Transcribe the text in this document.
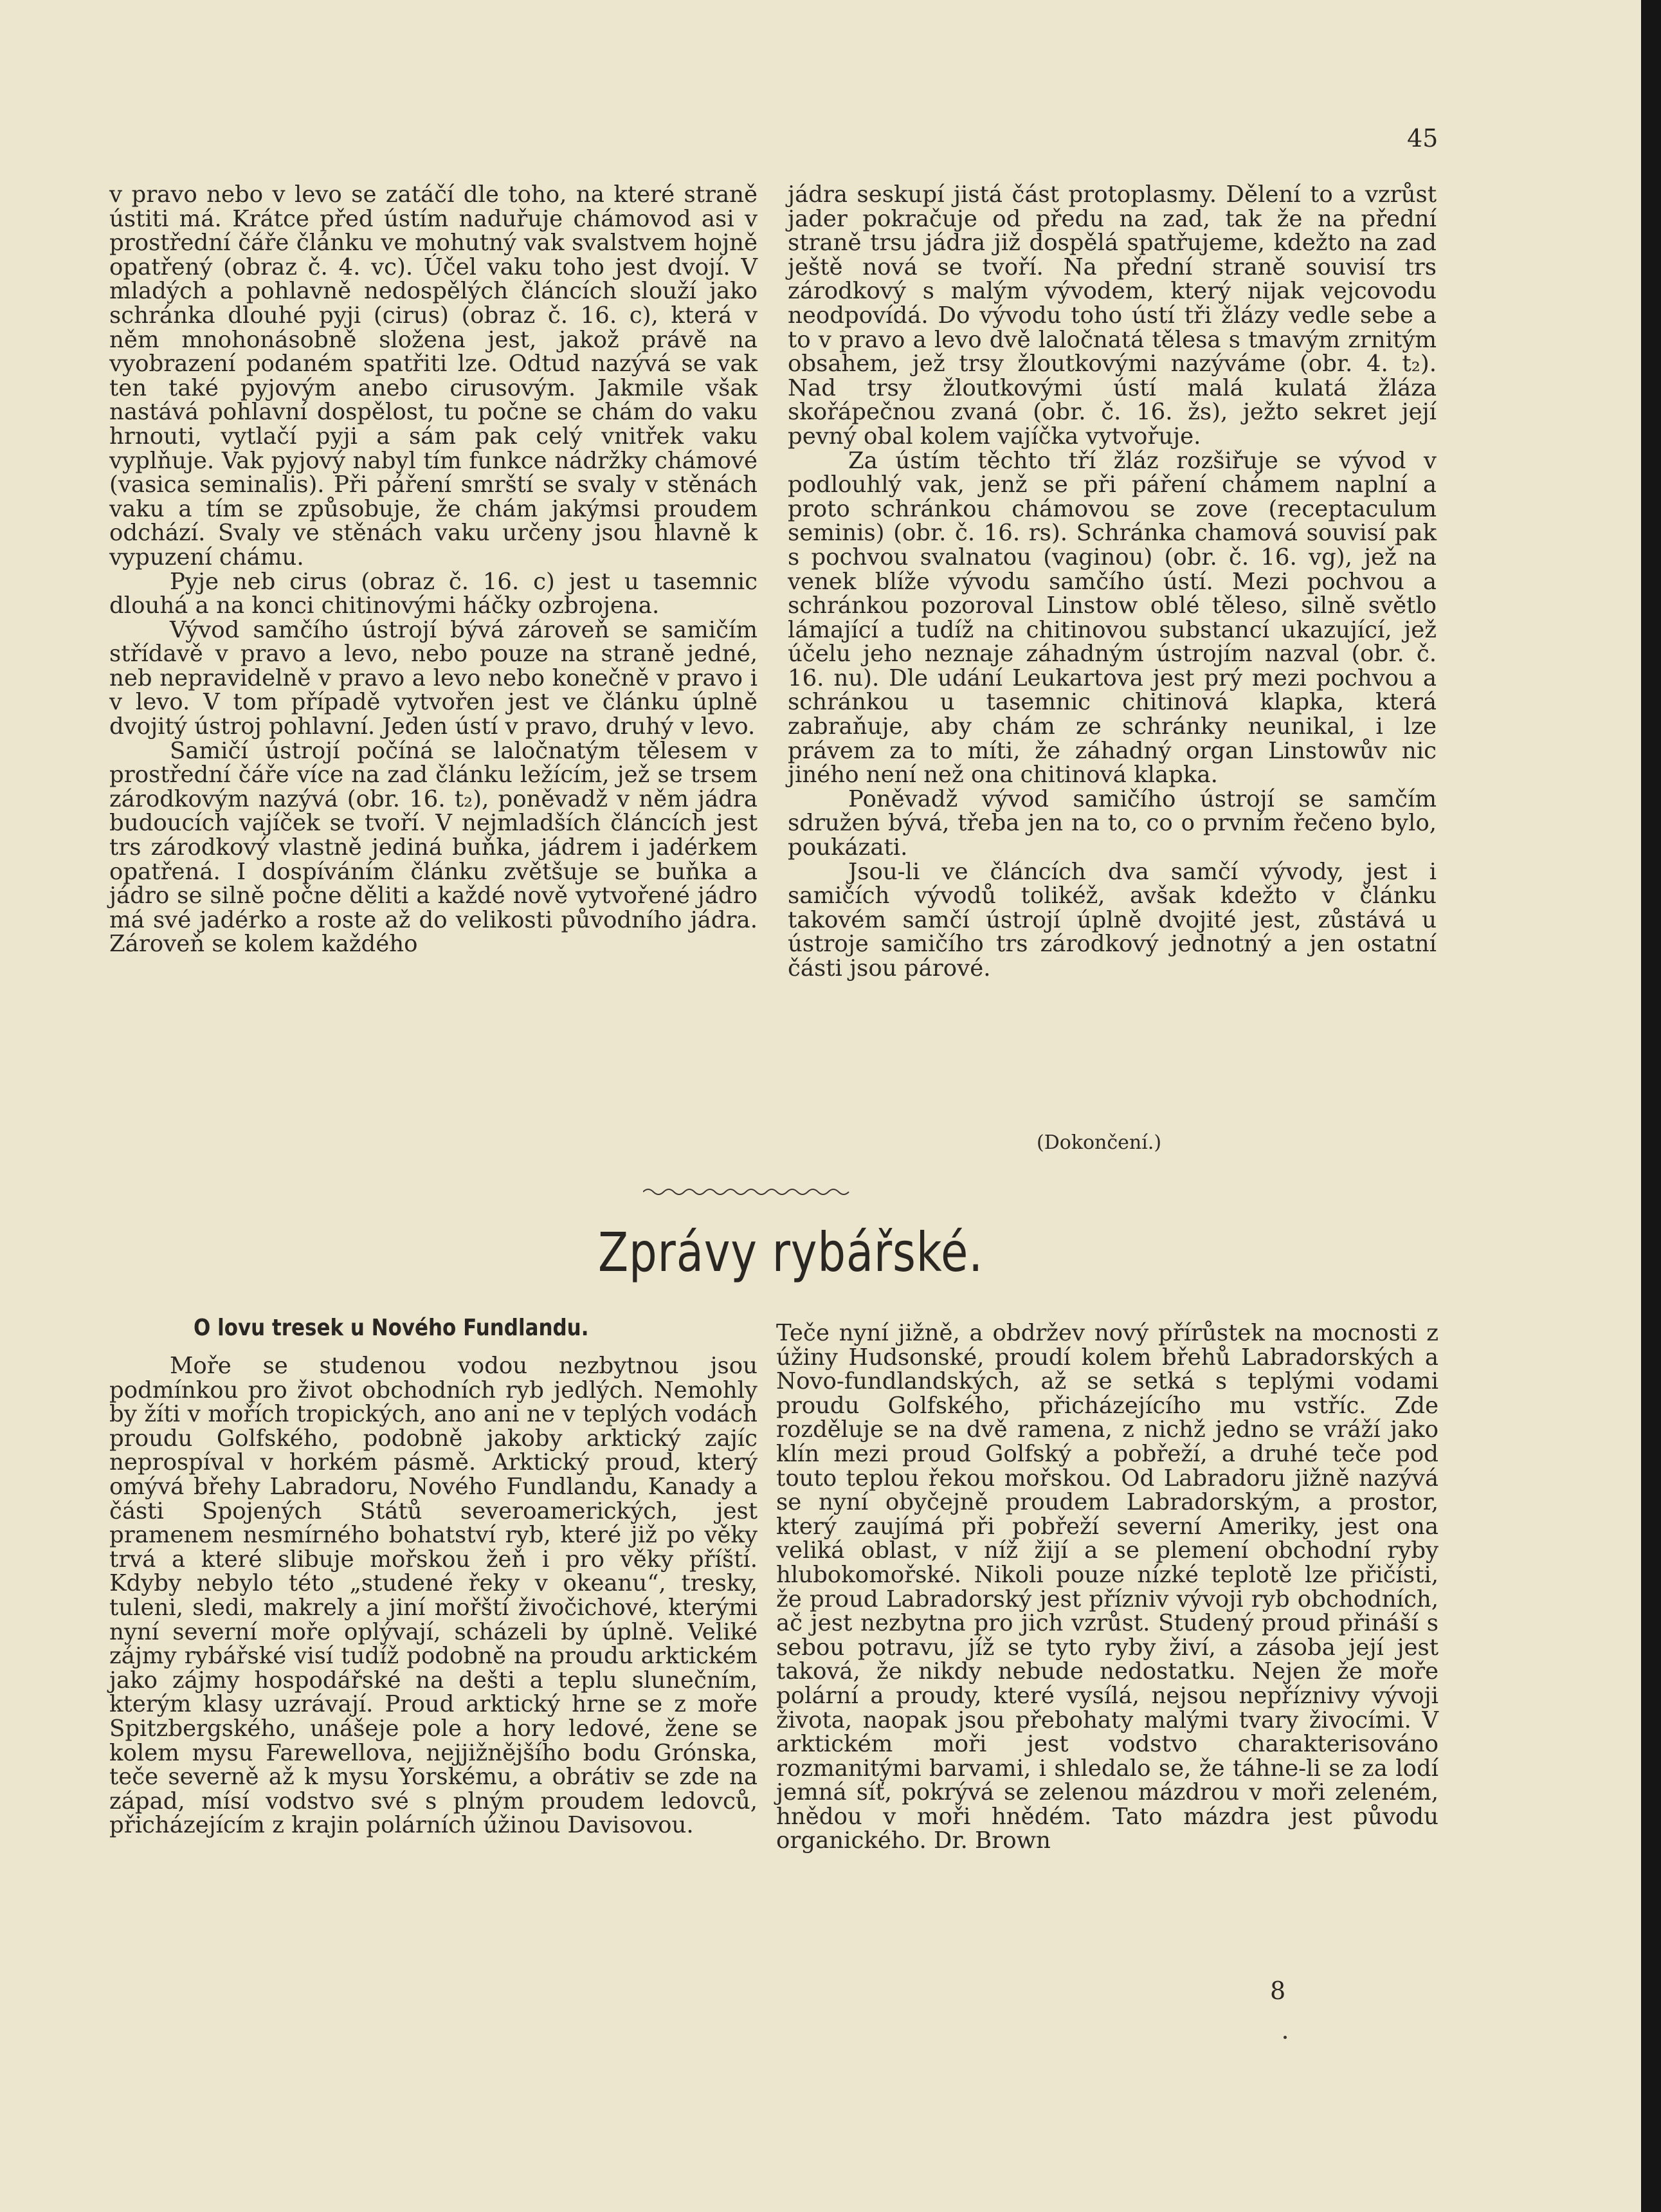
45

v pravo nebo v levo se zatáčí dle toho, na které straně ústiti má. Krátce před ústím naduřuje chámovod asi v prostřední čáře článku ve mohutný vak svalstvem hojně opatřený (obraz č. 4. vc). Účel vaku toho jest dvojí. V mladých a pohlavně nedospělých článcích slouží jako schránka dlouhé pyji (cirus) (obraz č. 16. c), která v něm mnohonásobně složena jest, jakož právě na vyobrazení podaném spatřiti lze. Odtud nazývá se vak ten také pyjovým anebo cirusovým. Jakmile však nastává pohlavní dospělost, tu počne se chám do vaku hrnouti, vytlačí pyji a sám pak celý vnitřek vaku vyplňuje. Vak pyjový nabyl tím funkce nádržky chámové (vasica seminalis). Při páření smrští se svaly v stěnách vaku a tím se způsobuje, že chám jakýmsi proudem odchází. Svaly ve stěnách vaku určeny jsou hlavně k vypuzení chámu.

Pyje neb cirus (obraz č. 16. c) jest u tasemnic dlouhá a na konci chitinovými háčky ozbrojena.

Vývod samčího ústrojí bývá zároveň se samičím střídavě v pravo a levo, nebo pouze na straně jedné, neb nepravidelně v pravo a levo nebo konečně v pravo i v levo. V tom případě vytvořen jest ve článku úplně dvojitý ústroj pohlavní. Jeden ústí v pravo, druhý v levo.

Samičí ústrojí počíná se laločnatým tělesem v prostřední čáře více na zad článku ležícím, jež se trsem zárodkovým nazývá (obr. 16. t₂), poněvadž v něm jádra budoucích vajíček se tvoří. V nejmladších článcích jest trs zárodkový vlastně jediná buňka, jádrem i jadérkem opatřená. I dospíváním článku zvětšuje se buňka a jádro se silně počne děliti a každé nově vytvořené jádro má své jadérko a roste až do velikosti původního jádra. Zároveň se kolem každého

jádra seskupí jistá část protoplasmy. Dělení to a vzrůst jader pokračuje od předu na zad, tak že na přední straně trsu jádra již dospělá spatřujeme, kdežto na zad ještě nová se tvoří. Na přední straně souvisí trs zárodkový s malým vývodem, který nijak vejcovodu neodpovídá. Do vývodu toho ústí tři žlázy vedle sebe a to v pravo a levo dvě laločnatá tělesa s tmavým zrnitým obsahem, jež trsy žloutkovými nazýváme (obr. 4. t₂). Nad trsy žloutkovými ústí malá kulatá žláza skořápečnou zvaná (obr. č. 16. žs), ježto sekret její pevný obal kolem vajíčka vytvořuje.

Za ústím těchto tří žláz rozšiřuje se vývod v podlouhlý vak, jenž se při páření chámem naplní a proto schránkou chámovou se zove (receptaculum seminis) (obr. č. 16. rs). Schránka chamová souvisí pak s pochvou svalnatou (vaginou) (obr. č. 16. vg), jež na venek blíže vývodu samčího ústí. Mezi pochvou a schránkou pozoroval Linstow oblé těleso, silně světlo lámající a tudíž na chitinovou substancí ukazující, jež účelu jeho neznaje záhadným ústrojím nazval (obr. č. 16. nu). Dle udání Leukartova jest prý mezi pochvou a schránkou u tasemnic chitinová klapka, která zabraňuje, aby chám ze schránky neunikal, i lze právem za to míti, že záhadný organ Linstowův nic jiného není než ona chitinová klapka.

Poněvadž vývod samičího ústrojí se samčím sdružen bývá, třeba jen na to, co o prvním řečeno bylo, poukázati.

Jsou-li ve článcích dva samčí vývody, jest i samičích vývodů tolikéž, avšak kdežto v článku takovém samčí ústrojí úplně dvojité jest, zůstává u ústroje samičího trs zárodkový jednotný a jen ostatní části jsou párové.

(Dokončení.)
Zprávy rybářské.
O lovu tresek u Nového Fundlandu.

Moře se studenou vodou nezbytnou jsou podmínkou pro život obchodních ryb jedlých. Nemohly by žíti v mořích tropických, ano ani ne v teplých vodách proudu Golfského, podobně jakoby arktický zajíc neprospíval v horkém pásmě. Arktický proud, který omývá břehy Labradoru, Nového Fundlandu, Kanady a části Spojených Států severoamerických, jest pramenem nesmírného bohatství ryb, které již po věky trvá a které slibuje mořskou žeň i pro věky příští. Kdyby nebylo této „studené řeky v okeanu“, tresky, tuleni, sledi, makrely a jiní mořští živočichové, kterými nyní severní moře oplývají, scházeli by úplně. Veliké zájmy rybářské visí tudíž podobně na proudu arktickém jako zájmy hospodářské na dešti a teplu slunečním, kterým klasy uzrávají. Proud arktický hrne se z moře Spitzbergského, unášeje pole a hory ledové, žene se kolem mysu Farewellova, nejjižnějšího bodu Grónska, teče severně až k mysu Yorskému, a obrátiv se zde na západ, mísí vodstvo své s plným proudem ledovců, přicházejícím z krajin polárních úžinou Davisovou.

Teče nyní jižně, a obdržev nový přírůstek na mocnosti z úžiny Hudsonské, proudí kolem břehů Labradorských a Novo-fundlandských, až se setká s teplými vodami proudu Golfského, přicházejícího mu vstříc. Zde rozděluje se na dvě ramena, z nichž jedno se vráží jako klín mezi proud Golfský a pobřeží, a druhé teče pod touto teplou řekou mořskou. Od Labradoru jižně nazývá se nyní obyčejně proudem Labradorským, a prostor, který zaujímá při pobřeží severní Ameriky, jest ona veliká oblast, v níž žijí a se plemení obchodní ryby hlubokomořské. Nikoli pouze nízké teplotě lze přičísti, že proud Labradorský jest přízniv vývoji ryb obchodních, ač jest nezbytna pro jich vzrůst. Studený proud přináší s sebou potravu, jíž se tyto ryby živí, a zásoba její jest taková, že nikdy nebude nedostatku. Nejen že moře polární a proudy, které vysílá, nejsou nepříznivy vývoji života, naopak jsou přebohaty malými tvary živocími. V arktickém moři jest vodstvo charakterisováno rozmanitými barvami, i shledalo se, že táhne-li se za lodí jemná síť, pokrývá se zelenou mázdrou v moři zeleném, hnědou v moři hnědém. Tato mázdra jest původu organického. Dr. Brown

8
